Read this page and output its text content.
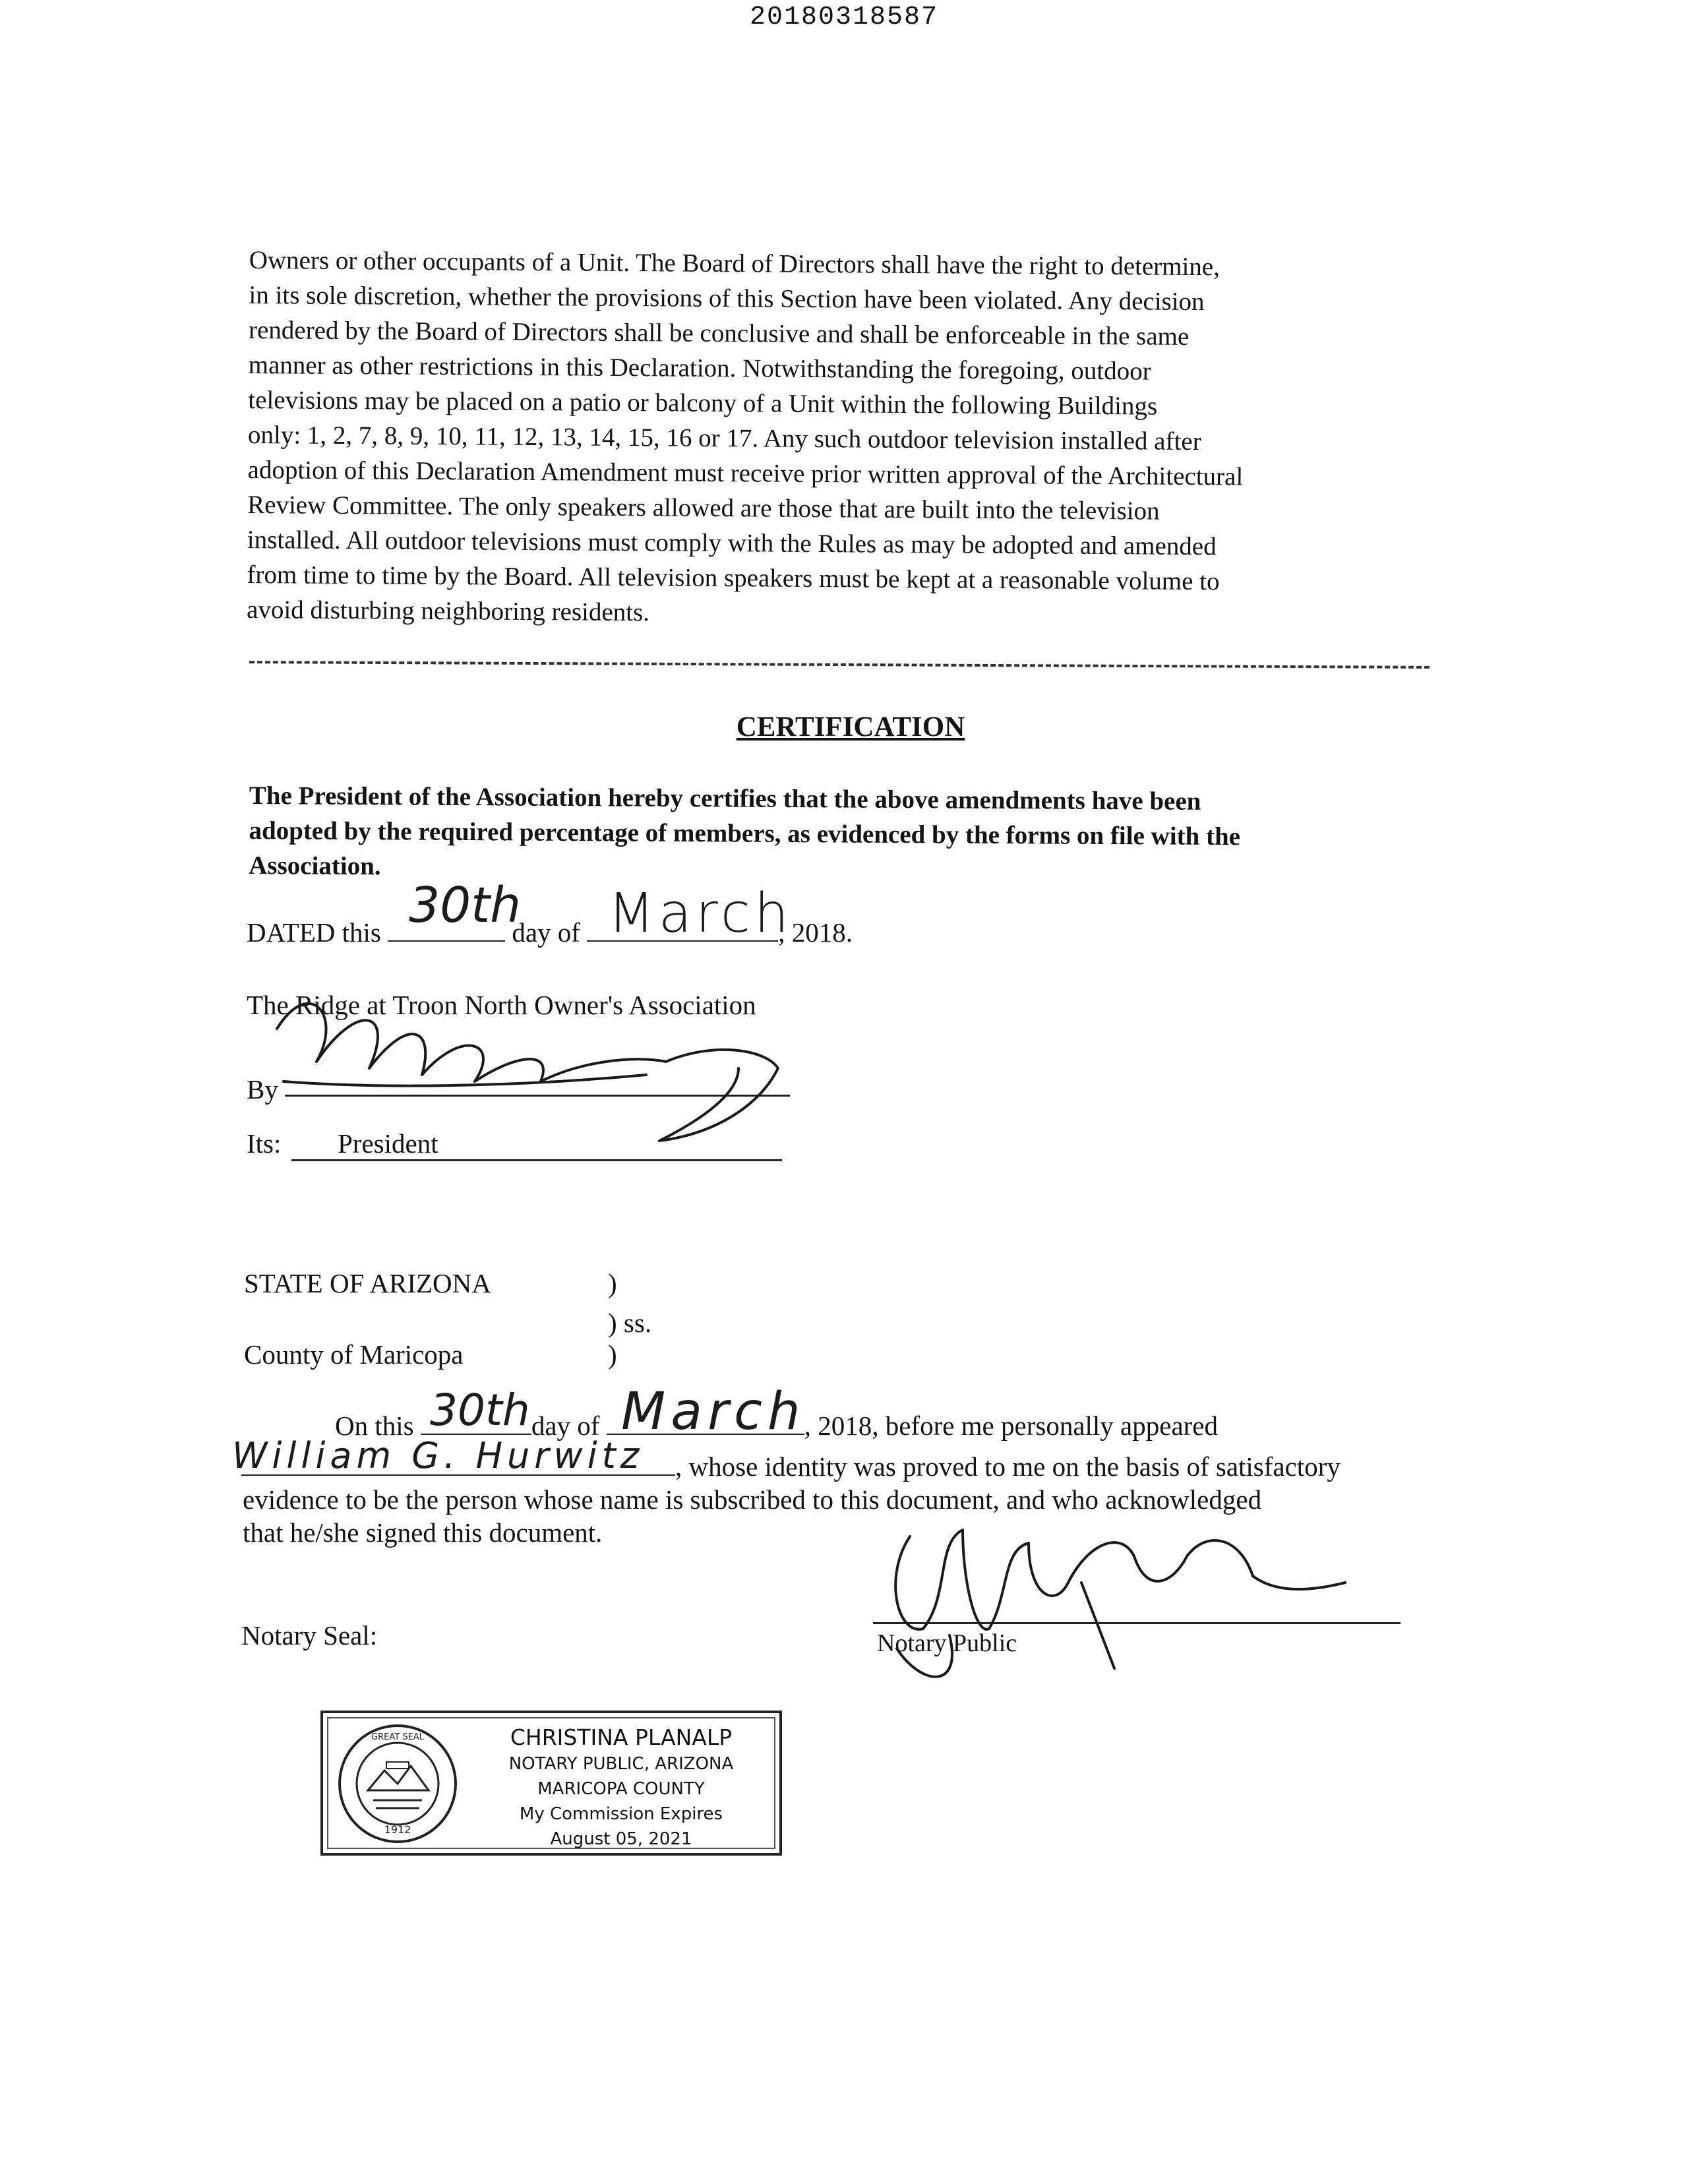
20180318587
Owners or other occupants of a Unit. The Board of Directors shall have the right to determine,
in its sole discretion, whether the provisions of this Section have been violated. Any decision
rendered by the Board of Directors shall be conclusive and shall be enforceable in the same
manner as other restrictions in this Declaration. Notwithstanding the foregoing, outdoor
televisions may be placed on a patio or balcony of a Unit within the following Buildings
only: 1, 2, 7, 8, 9, 10, 11, 12, 13, 14, 15, 16 or 17. Any such outdoor television installed after
adoption of this Declaration Amendment must receive prior written approval of the Architectural
Review Committee. The only speakers allowed are those that are built into the television
installed. All outdoor televisions must comply with the Rules as may be adopted and amended
from time to time by the Board. All television speakers must be kept at a reasonable volume to
avoid disturbing neighboring residents.
CERTIFICATION
The President of the Association hereby certifies that the above amendments have been
adopted by the required percentage of members, as evidenced by the forms on file with the
Association.
DATED this	day of	, 2018.
30th March
The Ridge at Troon North Owner's Association
By
Its: President
STATE OF ARIZONA	)
) ss.
County of Maricopa	)
On this	day of	, 2018, before me personally appeared
30th March
, whose identity was proved to me on the basis of satisfactory
William G. Hurwitz
evidence to be the person whose name is subscribed to this document, and who acknowledged
that he/she signed this document.
Notary Seal:	Notary Public
1912
GREAT SEAL	CHRISTINA PLANALP
NOTARY PUBLIC, ARIZONA
MARICOPA COUNTY
My Commission Expires
August 05, 2021
